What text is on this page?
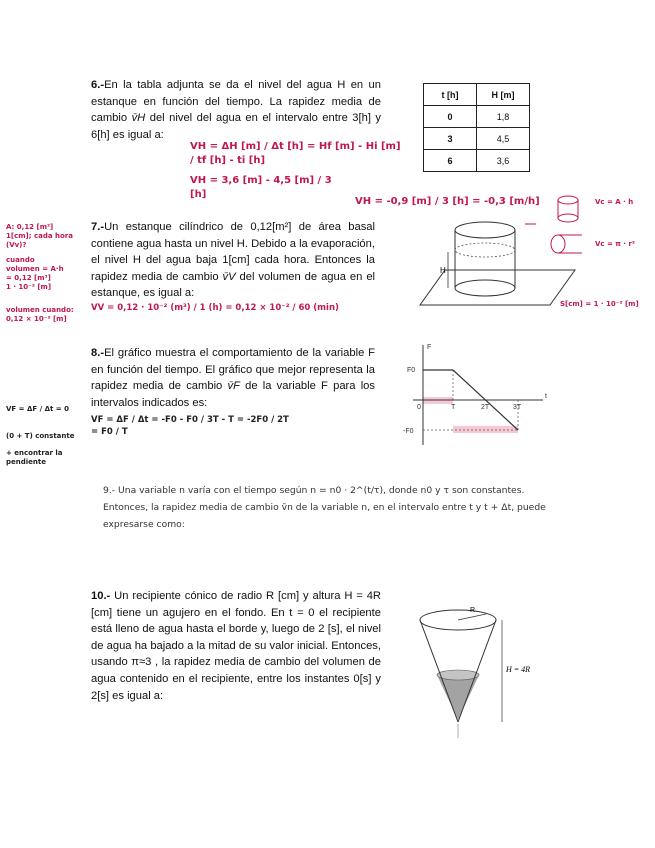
6.-En la tabla adjunta se da el nivel del agua H en un estanque en función del tiempo. La rapidez media de cambio v̄H del nivel del agua en el intervalo entre 3[h] y 6[h] es igual a:
t [h]	H [m]
0	1,8
3	4,5
6	3,6
VH = ΔH [m] / Δt [h] = Hf [m] - Hi [m] / tf [h] - ti [h]
VH = 3,6 [m] - 4,5 [m] / 3 [h]
VH = -0,9 [m] / 3 [h] = -0,3 [m/h]
A: 0,12 [m²]
1[cm]; cada hora
(Vv)?
cuando
volumen = A·h
= 0,12 [m³]
1 · 10⁻² [m]
volumen cuando:
0,12 × 10⁻² [m]
7.-Un estanque cilíndrico de 0,12[m²] de área basal contiene agua hasta un nivel H. Debido a la evaporación, el nivel H del agua baja 1[cm] cada hora. Entonces la rapidez media de cambio v̄V del volumen de agua en el estanque, es igual a:
VV = 0,12 · 10⁻² (m³) / 1 (h) = 0,12 × 10⁻² / 60 (min)
H
Vc = A · h
Vc = π · r²
S[cm] = 1 · 10⁻² [m]
VF = ΔF / Δt = 0
(0 + T) constante
+ encontrar la pendiente
8.-El gráfico muestra el comportamiento de la variable F en función del tiempo. El gráfico que mejor representa la rapidez media de cambio v̄F de la variable F para los intervalos indicados es:
VF = ΔF / Δt = -F0 - F0 / 3T - T = -2F0 / 2T = F0 / T
F
F0
-F0
t
0	T	2T	3T
9.- Una variable n varía con el tiempo según n = n0 · 2^(t/τ), donde n0 y τ son constantes. Entonces, la rapidez media de cambio v̄n de la variable n, en el intervalo entre t y t + Δt, puede expresarse como:
10.- Un recipiente cónico de radio R [cm] y altura H = 4R [cm] tiene un agujero en el fondo. En t = 0 el recipiente está lleno de agua hasta el borde y, luego de 2 [s], el nivel de agua ha bajado a la mitad de su valor inicial. Entonces, usando π≈3 , la rapidez media de cambio del volumen de agua contenido en el recipiente, entre los instantes 0[s] y 2[s] es igual a:
R
H = 4R
